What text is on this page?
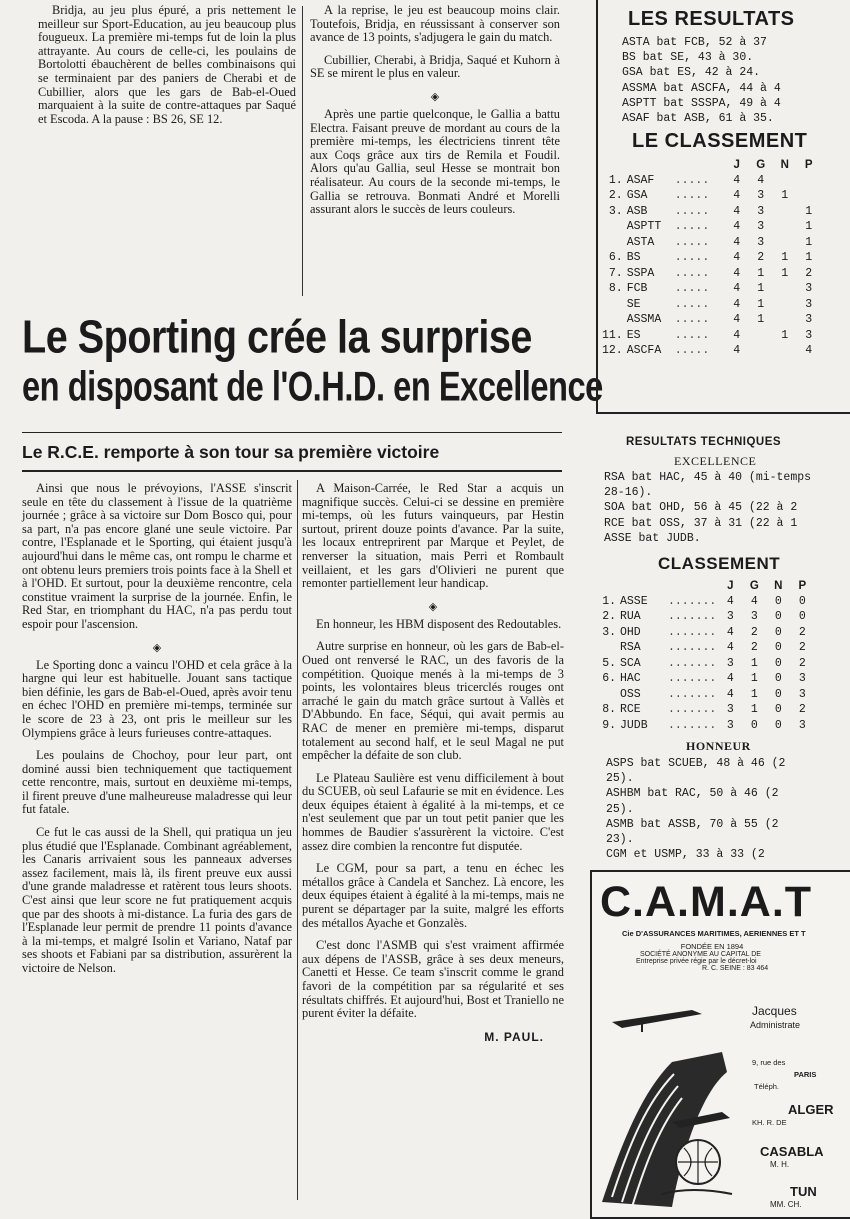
Bridja, au jeu plus épuré, a pris nettement le meilleur sur Sport-Education, au jeu beaucoup plus fougueux. La première mi-temps fut de loin la plus attrayante. Au cours de celle-ci, les poulains de Bortolotti ébauchèrent de belles combinaisons qui se terminaient par des paniers de Cherabi et de Cubillier, alors que les gars de Bab-el-Oued marquaient à la suite de contre-attaques par Saqué et Escoda. A la pause : BS 26, SE 12.

A la reprise, le jeu est beaucoup moins clair. Toutefois, Bridja, en réussissant à conserver son avance de 13 points, s'adjugera le gain du match.

Cubillier, Cherabi, à Bridja, Saqué et Kuhorn à SE se mirent le plus en valeur.

◈

Après une partie quelconque, le Gallia a battu Electra. Faisant preuve de mordant au cours de la première mi-temps, les électriciens tinrent tête aux Coqs grâce aux tirs de Remila et Foudil. Alors qu'au Gallia, seul Hesse se montrait bon réalisateur. Au cours de la seconde mi-temps, le Gallia se retrouva. Bonmati André et Morelli assurant alors le succès de leurs couleurs.

Le Sporting crée la surprise
en disposant de l'O.H.D. en Excellence
Le R.C.E. remporte à son tour sa première victoire

Ainsi que nous le prévoyions, l'ASSE s'inscrit seule en tête du classement à l'issue de la quatrième journée ; grâce à sa victoire sur Dom Bosco qui, pour sa part, n'a pas encore glané une seule victoire. Par contre, l'Esplanade et le Sporting, qui étaient jusqu'à aujourd'hui dans le même cas, ont rompu le charme et ont obtenu leurs premiers trois points face à la Shell et à l'OHD. Et surtout, pour la deuxième rencontre, cela constitue vraiment la surprise de la journée. Enfin, le Red Star, en triomphant du HAC, n'a pas perdu tout espoir pour l'ascension.

◈

Le Sporting donc a vaincu l'OHD et cela grâce à la hargne qui leur est habituelle. Jouant sans tactique bien définie, les gars de Bab-el-Oued, après avoir tenu en échec l'OHD en première mi-temps, terminée sur le score de 23 à 23, ont pris le meilleur sur les Olympiens grâce à leurs furieuses contre-attaques.

Les poulains de Chochoy, pour leur part, ont dominé aussi bien techniquement que tactiquement cette rencontre, mais, surtout en deuxième mi-temps, il firent preuve d'une malheureuse maladresse qui leur fut fatale.

Ce fut le cas aussi de la Shell, qui pratiqua un jeu plus étudié que l'Esplanade. Combinant agréablement, les Canaris arrivaient sous les panneaux adverses assez facilement, mais là, ils firent preuve eux aussi d'une grande maladresse et ratèrent tous leurs shoots. C'est ainsi que leur score ne fut pratiquement acquis que par des shoots à mi-distance. La furia des gars de l'Esplanade leur permit de prendre 11 points d'avance à la mi-temps, et malgré Isolin et Variano, Nataf par ses shoots et Fabiani par sa distribution, assurèrent la victoire de Nelson.

A Maison-Carrée, le Red Star a acquis un magnifique succès. Celui-ci se dessine en première mi-temps, où les futurs vainqueurs, par Hestin surtout, prirent douze points d'avance. Par la suite, les locaux entreprirent par Marque et Peylet, de renverser la situation, mais Perri et Rombault veillaient, et les gars d'Olivieri ne purent que remonter partiellement leur handicap.

◈

En honneur, les HBM disposent des Redoutables.

Autre surprise en honneur, où les gars de Bab-el-Oued ont renversé le RAC, un des favoris de la compétition. Quoique menés à la mi-temps de 3 points, les volontaires bleus tricerclés rouges ont arraché le gain du match grâce surtout à Vallès et D'Abbundo. En face, Séqui, qui avait permis au RAC de mener en première mi-temps, disparut totalement au second half, et le seul Magal ne put empêcher la défaite de son club.

Le Plateau Saulière est venu difficilement à bout du SCUEB, où seul Lafaurie se mit en évidence. Les deux équipes étaient à égalité à la mi-temps, et ce n'est seulement que par un tout petit panier que les hommes de Baudier s'assurèrent la victoire. C'est assez dire combien la rencontre fut disputée.

Le CGM, pour sa part, a tenu en échec les métallos grâce à Candela et Sanchez. Là encore, les deux équipes étaient à égalité à la mi-temps, mais ne purent se départager par la suite, malgré les efforts des métallos Ayache et Gonzalès.

C'est donc l'ASMB qui s'est vraiment affirmée aux dépens de l'ASSB, grâce à ses deux meneurs, Canetti et Hesse. Ce team s'inscrit comme le grand favori de la compétition par sa régularité et ses résultats chiffrés. Et aujourd'hui, Bost et Traniello ne purent éviter la défaite.

M. PAUL.
LES RESULTATS
ASTA bat FCB, 52 à 37
BS bat SE, 43 à 30.
GSA bat ES, 42 à 24.
ASSMA bat ASCFA, 44 à 4
ASPTT bat SSSPA, 49 à 4
ASAF bat ASB, 61 à 35.
LE CLASSEMENT
			J	G	N	P
1.	ASAF	.....	4	4		
2.	GSA	.....	4	3	1	
3.	ASB	.....	4	3		1
	ASPTT	.....	4	3		1
	ASTA	.....	4	3		1
6.	BS	.....	4	2	1	1
7.	SSPA	.....	4	1	1	2
8.	FCB	.....	4	1		3
	SE	.....	4	1		3
	ASSMA	.....	4	1		3
11.	ES	.....	4		1	3
12.	ASCFA	.....	4			4
RESULTATS TECHNIQUES
EXCELLENCE
RSA bat HAC, 45 à 40 (mi-temps
28-16).
SOA bat OHD, 56 à 45 (22 à 2
RCE bat OSS, 37 à 31 (22 à 1
ASSE bat JUDB.
CLASSEMENT
			J	G	N	P
1.	ASSE	.......	4	4	0	0
2.	RUA	.......	3	3	0	0
3.	OHD	.......	4	2	0	2
	RSA	.......	4	2	0	2
5.	SCA	.......	3	1	0	2
6.	HAC	.......	4	1	0	3
	OSS	.......	4	1	0	3
8.	RCE	.......	3	1	0	2
9.	JUDB	.......	3	0	0	3
HONNEUR
ASPS bat SCUEB, 48 à 46 (2
25).
ASHBM bat RAC, 50 à 46 (2
25).
ASMB bat ASSB, 70 à 55 (2
23).
CGM et USMP, 33 à 33 (2
C.A.M.A.T
Cie D'ASSURANCES MARITIMES, AERIENNES ET T
FONDÉE EN 1894
SOCIÉTÉ ANONYME AU CAPITAL DE
Entreprise privée régie par le décret-loi
R. C. SEINE : 83 464
Jacques
Administrate
9, rue des
PARIS
Téléph.
ALGER
KH. R. DE
CASABLA
M. H.
TUN
MM. CH.
